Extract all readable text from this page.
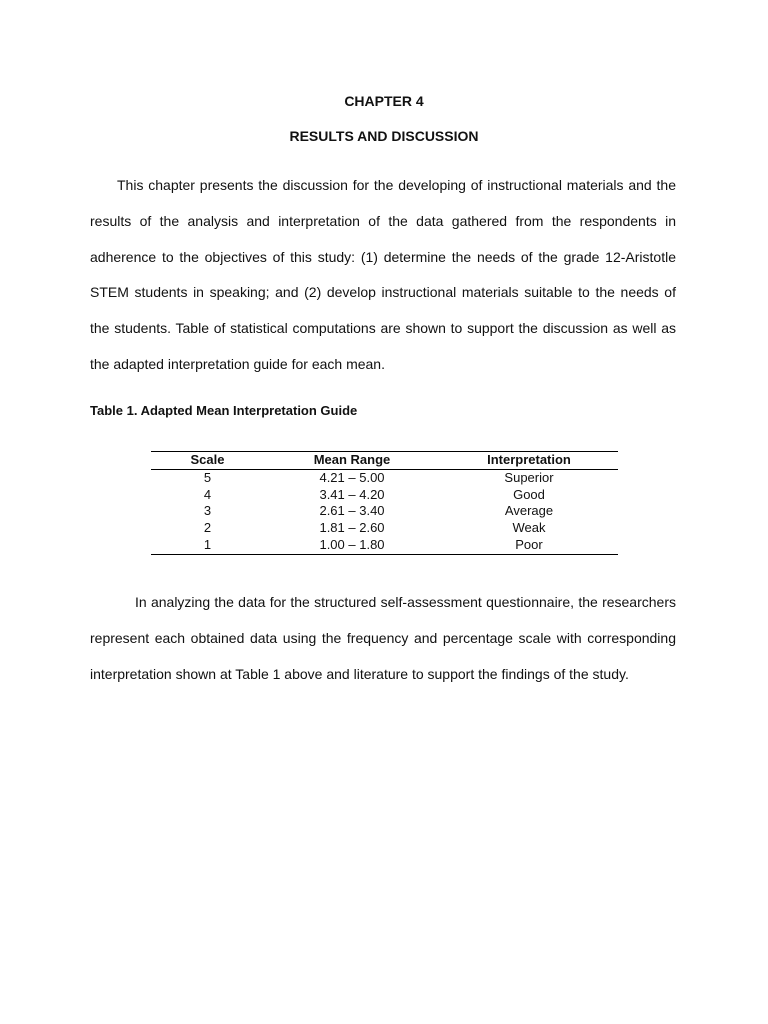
CHAPTER 4
RESULTS AND DISCUSSION

This chapter presents the discussion for the developing of instructional materials and the results of the analysis and interpretation of the data gathered from the respondents in adherence to the objectives of this study: (1) determine the needs of the grade 12-Aristotle STEM students in speaking; and (2) develop instructional materials suitable to the needs of the students. Table of statistical computations are shown to support the discussion as well as the adapted interpretation guide for each mean.

Table 1. Adapted Mean Interpretation Guide
Scale	Mean Range	Interpretation
5	4.21 – 5.00	Superior
4	3.41 – 4.20	Good
3	2.61 – 3.40	Average
2	1.81 – 2.60	Weak
1	1.00 – 1.80	Poor

In analyzing the data for the structured self-assessment questionnaire, the researchers represent each obtained data using the frequency and percentage scale with corresponding interpretation shown at Table 1 above and literature to support the findings of the study.
